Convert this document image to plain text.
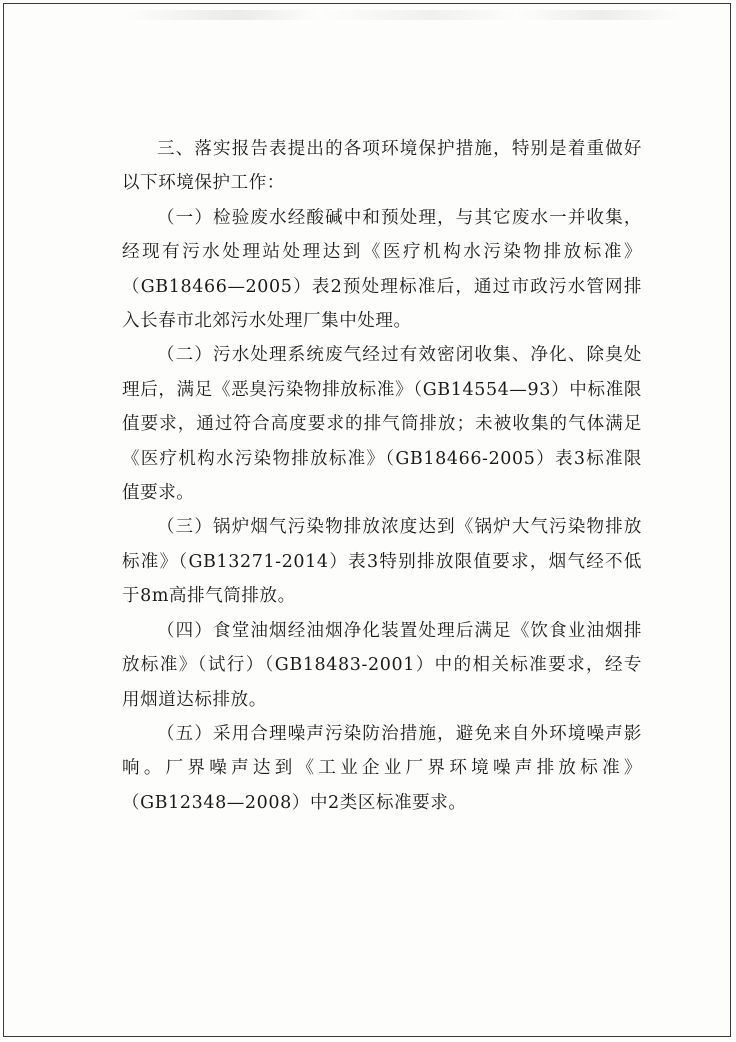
三、落实报告表提出的各项环境保护措施，特别是着重做好以下环境保护工作：

（一）检验废水经酸碱中和预处理，与其它废水一并收集，经现有污水处理站处理达到《医疗机构水污染物排放标准》（GB18466—2005）表2预处理标准后，通过市政污水管网排入长春市北郊污水处理厂集中处理。

（二）污水处理系统废气经过有效密闭收集、净化、除臭处理后，满足《恶臭污染物排放标准》（GB14554—93）中标准限值要求，通过符合高度要求的排气筒排放；未被收集的气体满足《医疗机构水污染物排放标准》（GB18466-2005）表3标准限值要求。

（三）锅炉烟气污染物排放浓度达到《锅炉大气污染物排放标准》（GB13271-2014）表3特别排放限值要求，烟气经不低于8m高排气筒排放。

（四）食堂油烟经油烟净化装置处理后满足《饮食业油烟排放标准》（试行）（GB18483-2001）中的相关标准要求，经专用烟道达标排放。

（五）采用合理噪声污染防治措施，避免来自外环境噪声影响。厂界噪声达到《工业企业厂界环境噪声排放标准》（GB12348—2008）中2类区标准要求。
